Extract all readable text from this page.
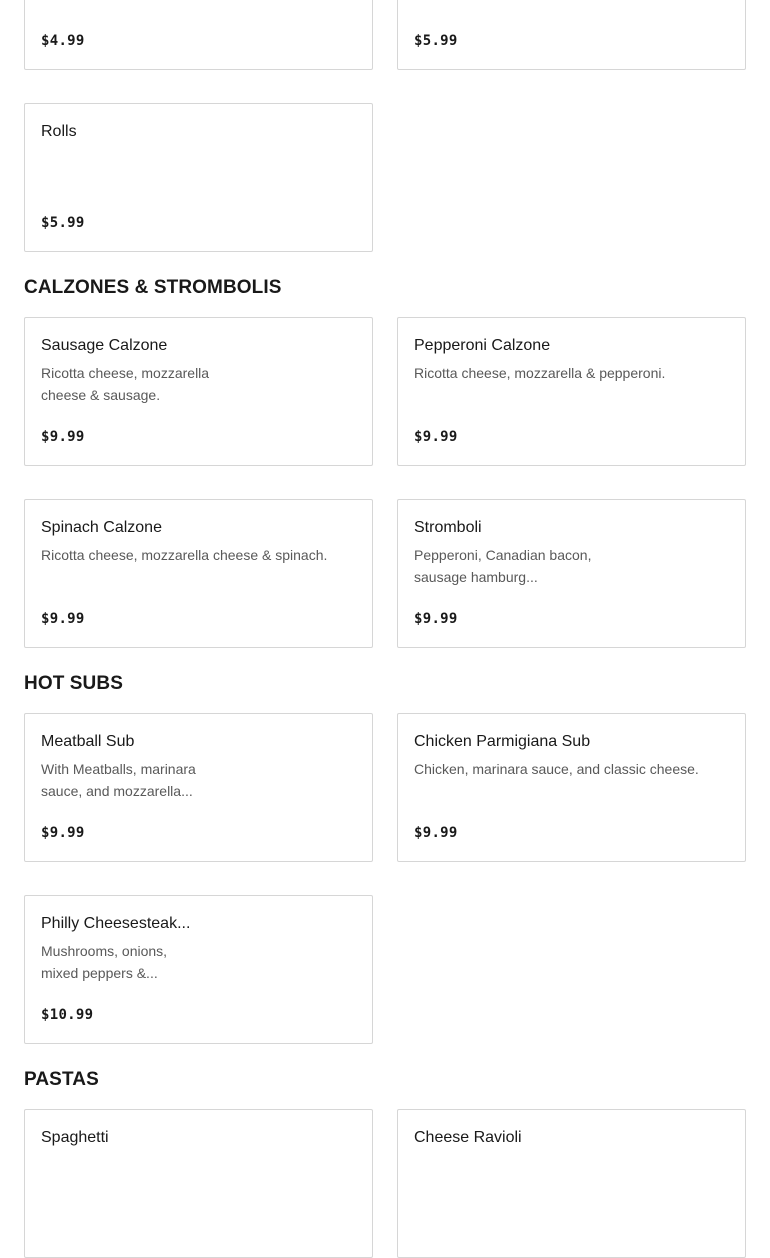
$4.99	$5.99
Rolls
$5.99
CALZONES & STROMBOLIS
Sausage Calzone
Ricotta cheese, mozzarella cheese & sausage.
$9.99
Pepperoni Calzone
Ricotta cheese, mozzarella & pepperoni.
$9.99
Spinach Calzone
Ricotta cheese, mozzarella cheese & spinach.
$9.99
Stromboli
Pepperoni, Canadian bacon, sausage hamburg...
$9.99
HOT SUBS
Meatball Sub
With Meatballs, marinara sauce, and mozzarella...
$9.99
Chicken Parmigiana Sub
Chicken, marinara sauce, and classic cheese.
$9.99
Philly Cheesesteak...
Mushrooms, onions, mixed peppers &...
$10.99
PASTAS
Spaghetti	Cheese Ravioli
